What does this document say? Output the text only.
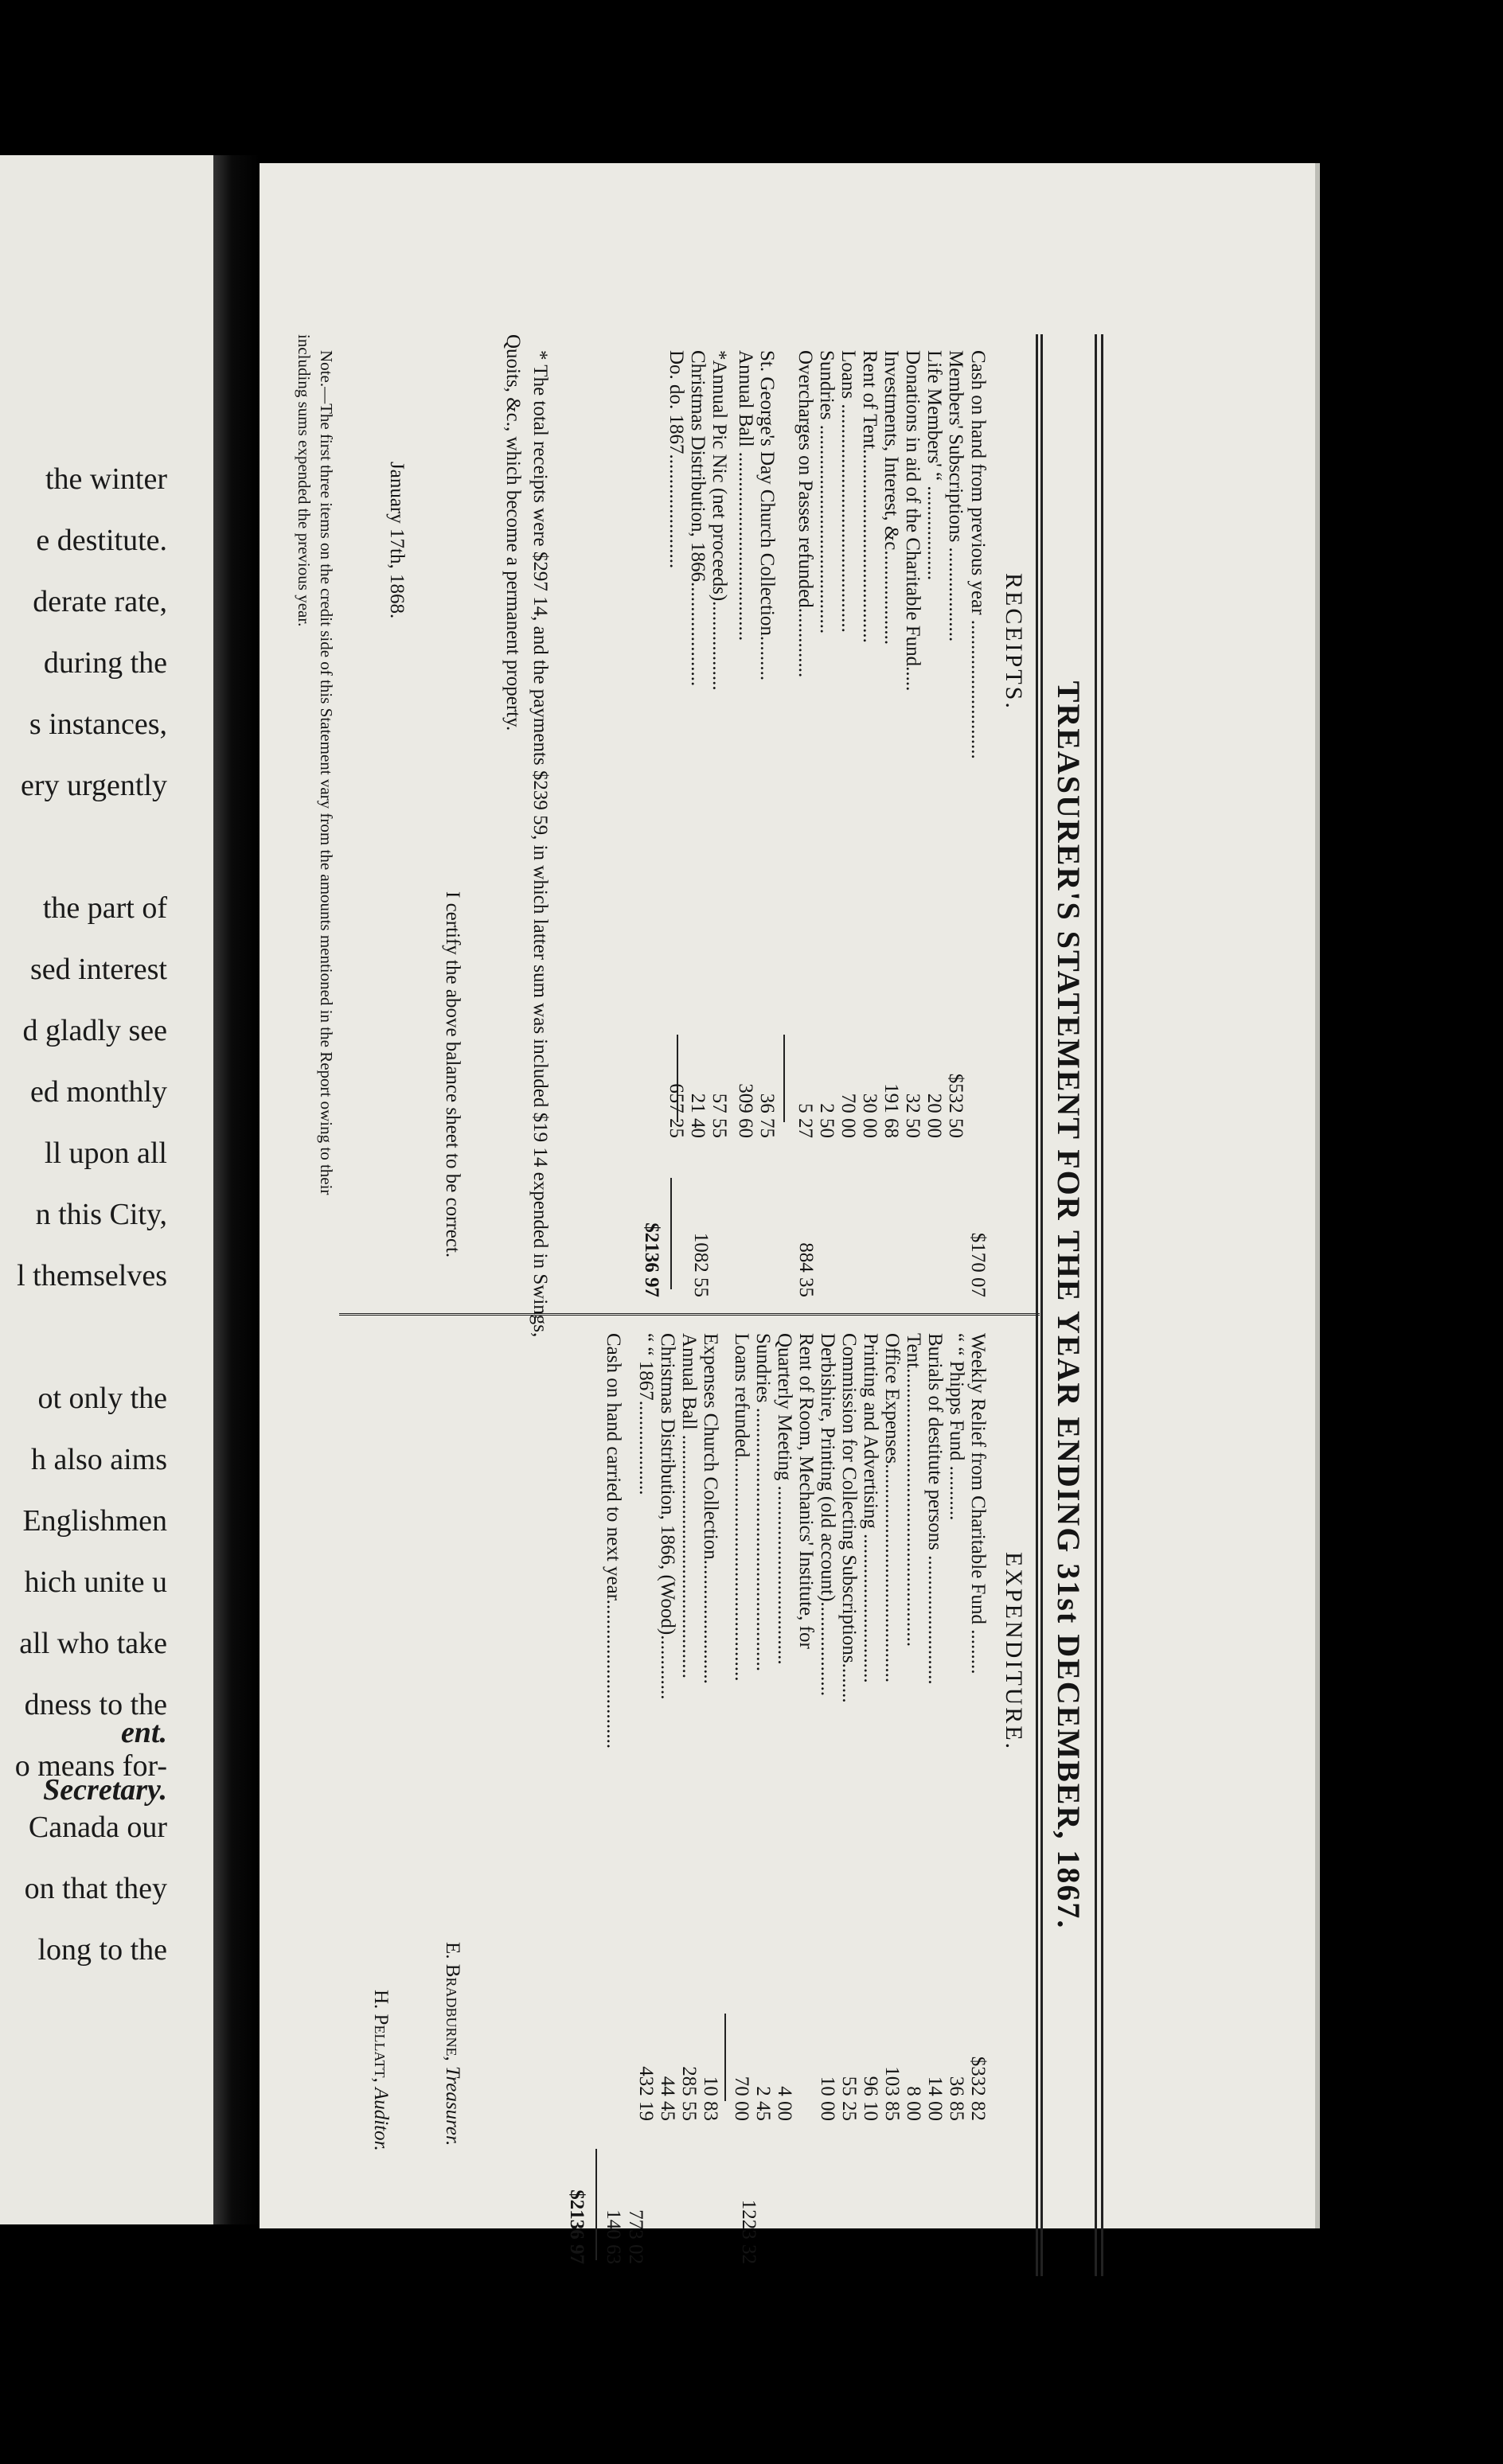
the winter
e destitute.
derate rate,
during the
s instances,
ery urgently
the part of
sed interest
d gladly see
ed monthly
ll upon all
n this City,
l themselves
ot only the
h also aims
Englishmen
hich unite u
all who take
dness to the
o means for-
Canada our
on that they
long to the
ent.
Secretary.	TREASURER'S STATEMENT FOR THE YEAR ENDING 31st DECEMBER, 1867.
RECEIPTS.
EXPENDITURE.
Cash on hand from previous year ............................
$170 07
Members' Subscriptions ...................
$532 50
Life Members' “ ...................
20 00
Donations in aid of the Charitable Fund.....
32 50
Investments, Interest, &c...................
191 68
Rent of Tent.......................................
30 00
Loans ..............................................
70 00
Sundries ..........................................
2 50
Overcharges on Passes refunded..............
5 27
884 35
St. George's Day Church Collection.........
36 75
Annual Ball ......................................
309 60
*Annual Pic Nic (net proceeds)..................
57 55
Christmas Distribution, 1866.....................
21 40
Do. do. 1867.......................
657 25
1082 55
$2136 97
Weekly Relief from Charitable Fund .........
$332 82
“ “ Phipps Fund ...........
36 85
Burials of destitute persons ..........................
14 00
Tent........................................................
8 00
Office Expenses............................................
103 85
Printing and Advertising ..............................
96 10
Commission for Collecting Subscriptions........
55 25
Derbishire, Printing (old account)...................
10 00
Rent of Room, Mechanics' Institute, for
Quarterly Meeting ....................................
4 00
Sundries .....................................................
2 45
Loans refunded.............................................
70 00
1223 32
Expenses Church Collection.........................
10 83
Annual Ball .................................................
285 55
Christmas Distribution, 1866, (Wood).............
44 45
“ “ 1867...................
432 19
773 02
Cash on hand carried to next year..............................
140 63
$2136 97
* The total receipts were $297 14, and the payments $239 59, in which latter sum was included $19 14 expended in Swings,
Quoits, &c., which become a permanent property.
I certify the above balance sheet to be correct.
E. Bradburne, Treasurer.
January 17th, 1868.
H. Pellatt, Auditor.
Note.—The first three items on the credit side of this Statement vary from the amounts mentioned in the Report owing to their
including sums expended the previous year.
